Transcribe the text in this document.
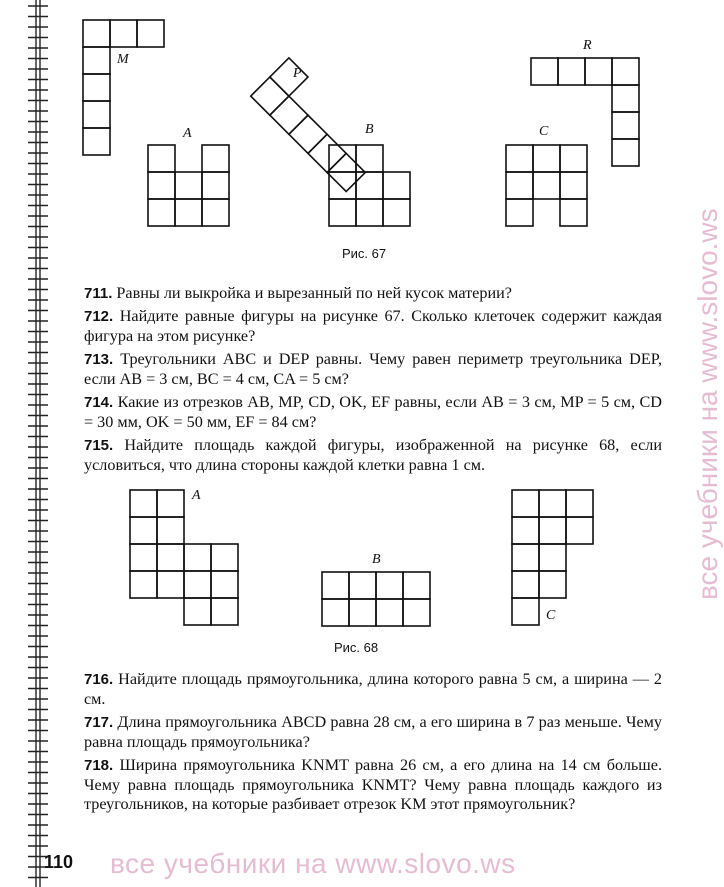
M
P
R
A	B	C
Рис. 67
711. Равны ли выкройка и вырезанный по ней кусок материи?
712. Найдите равные фигуры на рисунке 67. Сколько клеточек содержит каждая фигура на этом рисунке?
713. Треугольники ABC и DEP равны. Чему равен периметр треугольника DEP, если AB = 3 см, BC = 4 см, CA = 5 см?
714. Какие из отрезков AB, MP, CD, OK, EF равны, если AB = 3 см, MP = 5 см, CD = 30 мм, OK = 50 мм, EF = 84 см?
715. Найдите площадь каждой фигуры, изображенной на рисунке 68, если условиться, что длина стороны каждой клетки равна 1 см.
A
B
C
Рис. 68
716. Найдите площадь прямоугольника, длина которого равна 5 см, а ширина — 2 см.
717. Длина прямоугольника ABCD равна 28 см, а его ширина в 7 раз меньше. Чему равна площадь прямоугольника?
718. Ширина прямоугольника KNMT равна 26 см, а его длина на 14 см больше. Чему равна площадь прямоугольника KNMT? Чему равна площадь каждого из треугольников, на которые разбивает отрезок KM этот прямоугольник?
110 все учебники на www.slovo.ws
все учебники на www.slovo.ws
